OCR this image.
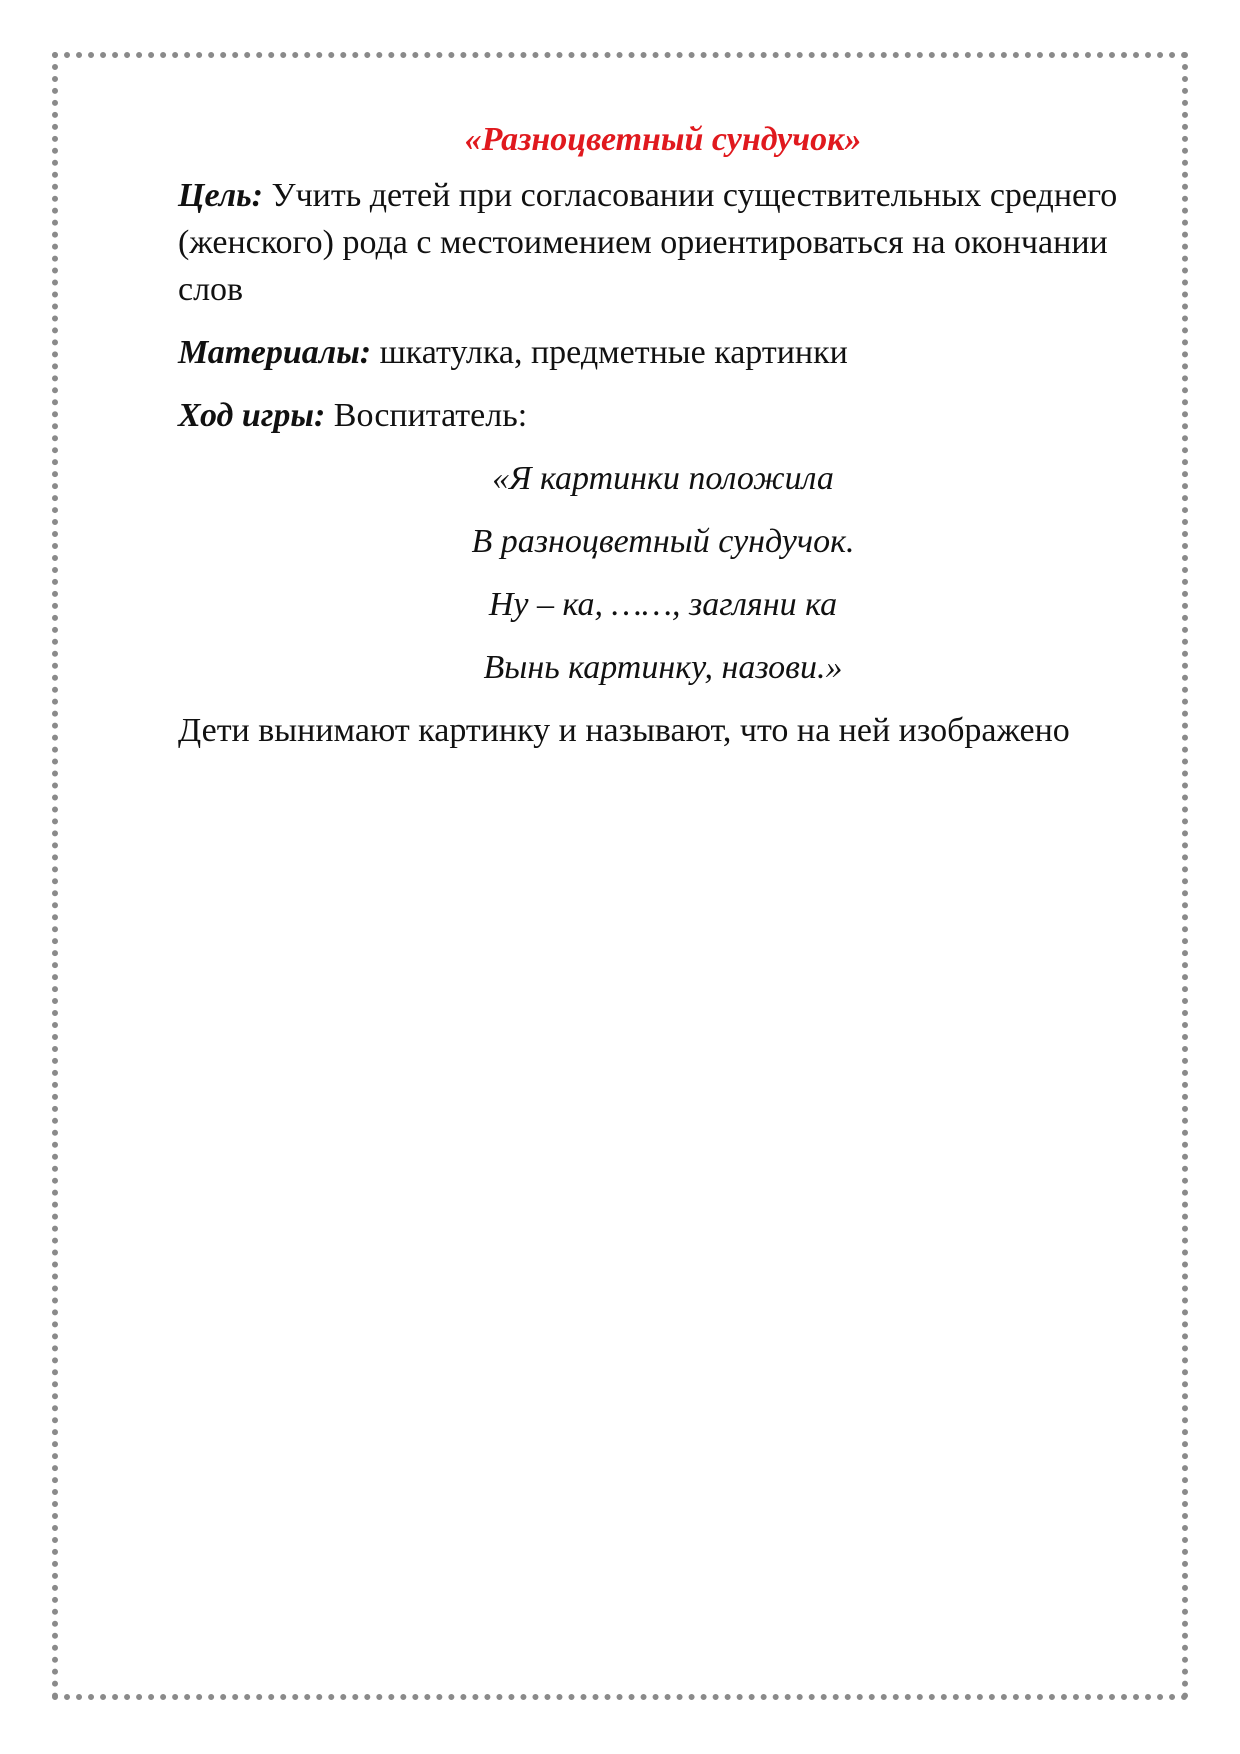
«Разноцветный сундучок»

Цель: Учить детей при согласовании существительных среднего (женского) рода с местоимением ориентироваться на окончании слов

Материалы: шкатулка, предметные картинки

Ход игры: Воспитатель:

«Я картинки положила
В разноцветный сундучок.
Ну – ка, ……, загляни ка
Вынь картинку, назови.»

Дети вынимают картинку и называют, что на ней изображено
